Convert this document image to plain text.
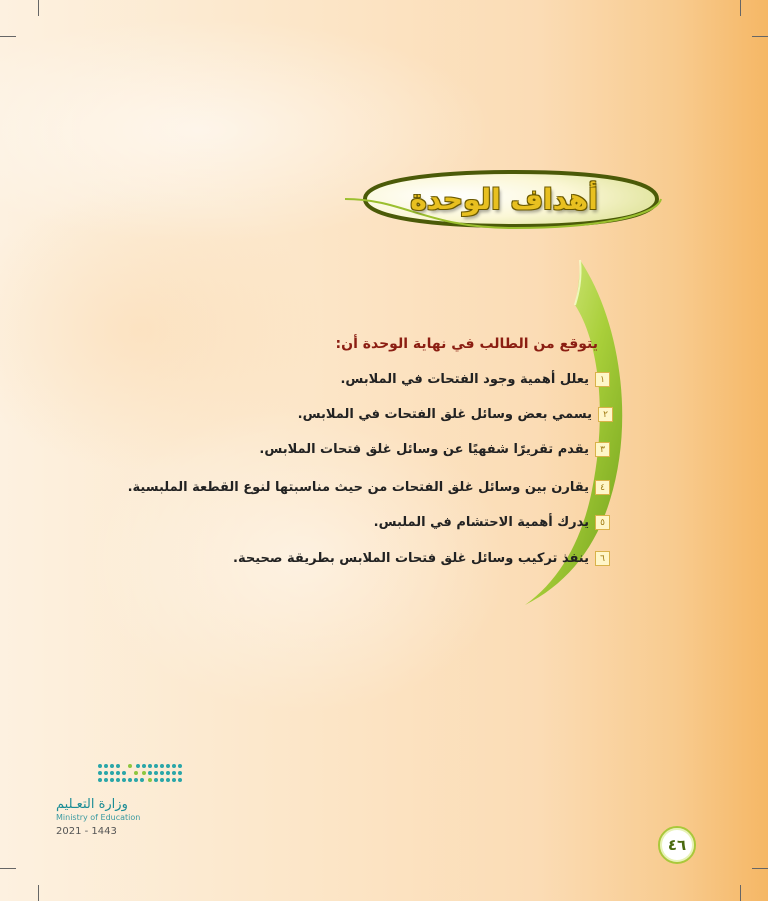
أهداف الوحدة
يتوقع من الطالب في نهاية الوحدة أن:
١
يعلل أهمية وجود الفتحات في الملابس.
٢
يسمي بعض وسائل غلق الفتحات في الملابس.
٣
يقدم تقريرًا شفهيًا عن وسائل غلق فتحات الملابس.
٤
يقارن بين وسائل غلق الفتحات من حيث مناسبتها لنوع القطعة الملبسية.
٥
يدرك أهمية الاحتشام في الملبس.
٦
ينفذ تركيب وسائل غلق فتحات الملابس بطريقة صحيحة.
وزارة التعـليم
Ministry of Education
2021 - 1443
٤٦
